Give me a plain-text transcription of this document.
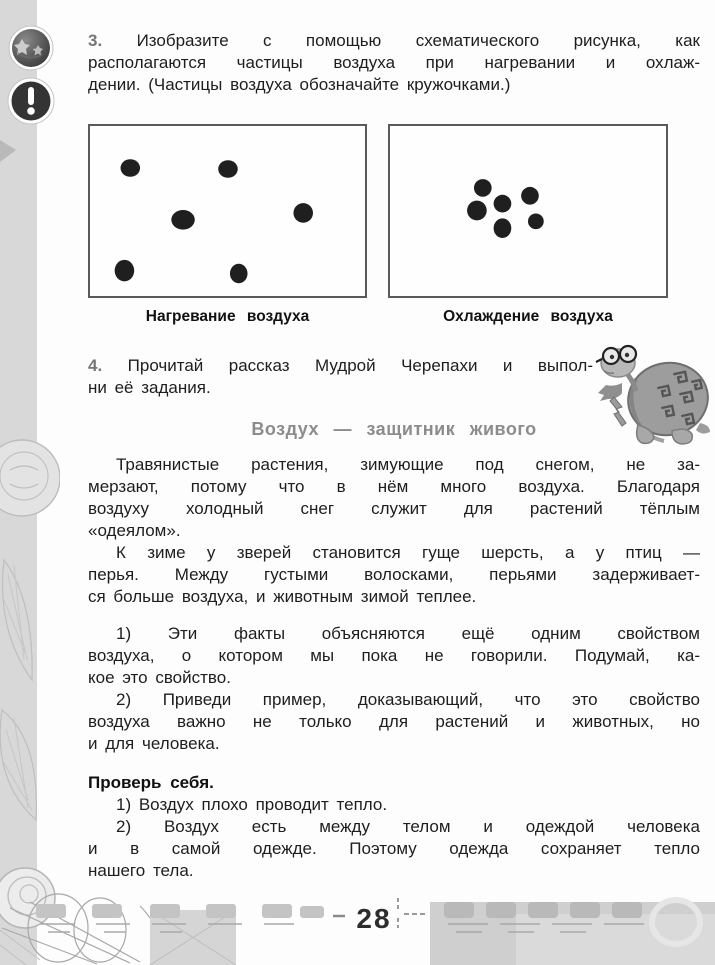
3. Изобразите с помощью схематического рисунка, как
располагаются частицы воздуха при нагревании и охлаж-
дении. (Частицы воздуха обозначайте кружочками.)
Нагревание воздуха	Охлаждение воздуха
4. Прочитай рассказ Мудрой Черепахи и выпол-
ни её задания.
Воздух — защитник живого
Травянистые растения, зимующие под снегом, не за-
мерзают, потому что в нём много воздуха. Благодаря
воздуху холодный снег служит для растений тёплым
«одеялом».
К зиме у зверей становится гуще шерсть, а у птиц —
перья. Между густыми волосками, перьями задерживает-
ся больше воздуха, и животным зимой теплее.
1) Эти факты объясняются ещё одним свойством
воздуха, о котором мы пока не говорили. Подумай, ка-
кое это свойство.
2) Приведи пример, доказывающий, что это свойство
воздуха важно не только для растений и животных, но
и для человека.
Проверь себя.
1) Воздух плохо проводит тепло.
2) Воздух есть между телом и одеждой человека
и в самой одежде. Поэтому одежда сохраняет тепло
нашего тела.
28
